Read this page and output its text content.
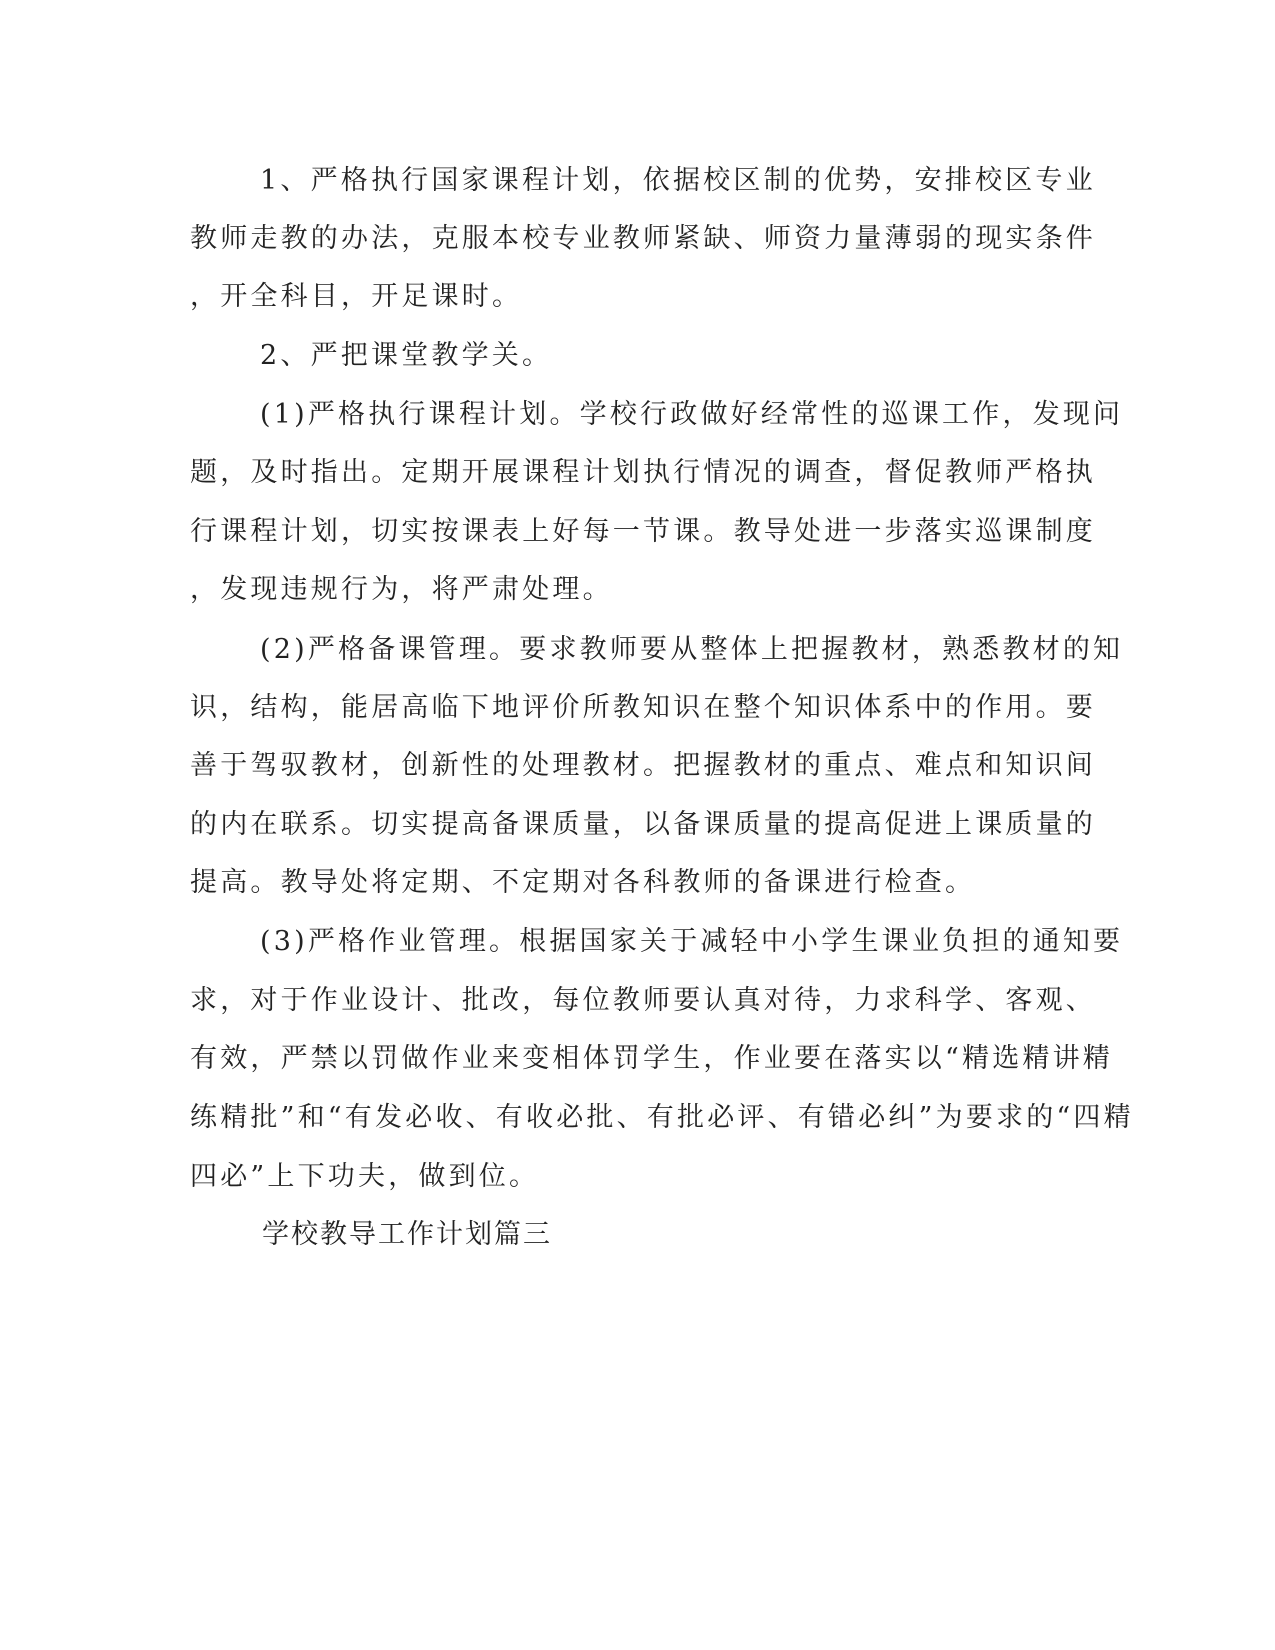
1、严格执行国家课程计划，依据校区制的优势，安排校区专业
教师走教的办法，克服本校专业教师紧缺、师资力量薄弱的现实条件
，开全科目，开足课时。
2、严把课堂教学关。
(1)严格执行课程计划。学校行政做好经常性的巡课工作，发现问
题，及时指出。定期开展课程计划执行情况的调查，督促教师严格执
行课程计划，切实按课表上好每一节课。教导处进一步落实巡课制度
，发现违规行为，将严肃处理。
(2)严格备课管理。要求教师要从整体上把握教材，熟悉教材的知
识，结构，能居高临下地评价所教知识在整个知识体系中的作用。要
善于驾驭教材，创新性的处理教材。把握教材的重点、难点和知识间
的内在联系。切实提高备课质量，以备课质量的提高促进上课质量的
提高。教导处将定期、不定期对各科教师的备课进行检查。
(3)严格作业管理。根据国家关于减轻中小学生课业负担的通知要
求，对于作业设计、批改，每位教师要认真对待，力求科学、客观、
有效，严禁以罚做作业来变相体罚学生，作业要在落实以“精选精讲精
练精批”和“有发必收、有收必批、有批必评、有错必纠”为要求的“四精
四必”上下功夫，做到位。
学校教导工作计划篇三
